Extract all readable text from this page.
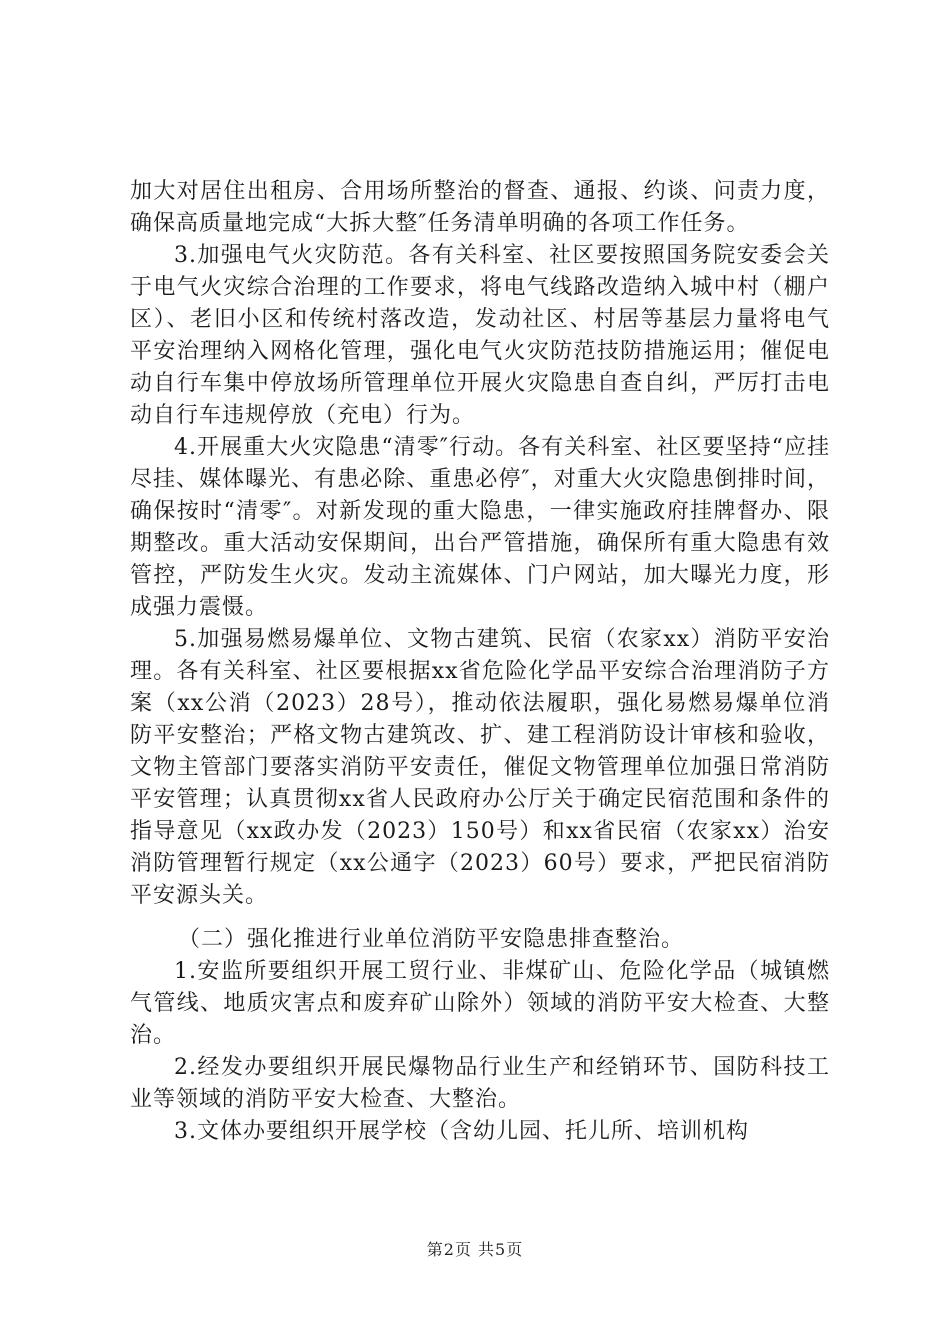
加大对居住出租房、合用场所整治的督查、通报、约谈、问责力度，确保高质量地完成“大拆大整″任务清单明确的各项工作任务。

3.加强电气火灾防范。各有关科室、社区要按照国务院安委会关于电气火灾综合治理的工作要求，将电气线路改造纳入城中村（棚户区）、老旧小区和传统村落改造，发动社区、村居等基层力量将电气平安治理纳入网格化管理，强化电气火灾防范技防措施运用；催促电动自行车集中停放场所管理单位开展火灾隐患自查自纠，严厉打击电动自行车违规停放（充电）行为。

4.开展重大火灾隐患“清零″行动。各有关科室、社区要坚持“应挂尽挂、媒体曝光、有患必除、重患必停″，对重大火灾隐患倒排时间，确保按时“清零″。对新发现的重大隐患，一律实施政府挂牌督办、限期整改。重大活动安保期间，出台严管措施，确保所有重大隐患有效管控，严防发生火灾。发动主流媒体、门户网站，加大曝光力度，形成强力震慑。

5.加强易燃易爆单位、文物古建筑、民宿（农家xx）消防平安治理。各有关科室、社区要根据xx省危险化学品平安综合治理消防子方案（xx公消（2023）28号），推动依法履职，强化易燃易爆单位消防平安整治；严格文物古建筑改、扩、建工程消防设计审核和验收，文物主管部门要落实消防平安责任，催促文物管理单位加强日常消防平安管理；认真贯彻xx省人民政府办公厅关于确定民宿范围和条件的指导意见（xx政办发（2023）150号）和xx省民宿（农家xx）治安消防管理暂行规定（xx公通字（2023）60号）要求，严把民宿消防平安源头关。

（二）强化推进行业单位消防平安隐患排查整治。

1.安监所要组织开展工贸行业、非煤矿山、危险化学品（城镇燃气管线、地质灾害点和废弃矿山除外）领域的消防平安大检查、大整治。

2.经发办要组织开展民爆物品行业生产和经销环节、国防科技工业等领域的消防平安大检查、大整治。

3.文体办要组织开展学校（含幼儿园、托儿所、培训机构

第2页 共5页
